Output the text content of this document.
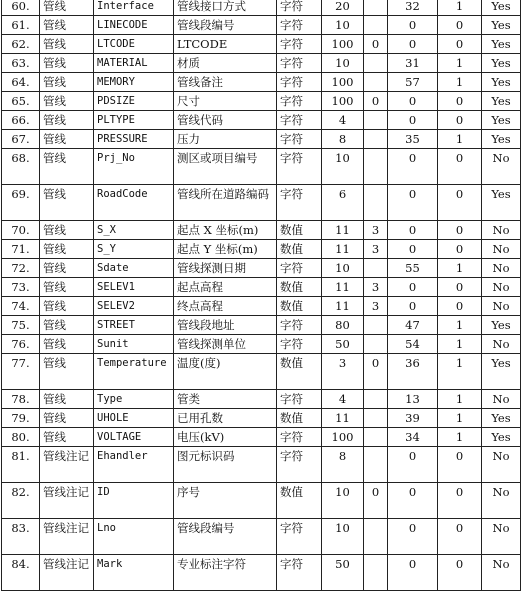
60.	管线	Interface	管线接口方式	字符	20		32	1	Yes
61.	管线	LINECODE	管线段编号	字符	10		0	0	Yes
62.	管线	LTCODE	LTCODE	字符	100	0	0	0	Yes
63.	管线	MATERIAL	材质	字符	10		31	1	Yes
64.	管线	MEMORY	管线备注	字符	100		57	1	Yes
65.	管线	PDSIZE	尺寸	字符	100	0	0	0	Yes
66.	管线	PLTYPE	管线代码	字符	4		0	0	Yes
67.	管线	PRESSURE	压力	字符	8		35	1	Yes
68.	管线	Prj_No	测区或项目编号	字符	10		0	0	No
69.	管线	RoadCode	管线所在道路编码	字符	6		0	0	Yes
70.	管线	S_X	起点 X 坐标(m)	数值	11	3	0	0	No
71.	管线	S_Y	起点 Y 坐标(m)	数值	11	3	0	0	No
72.	管线	Sdate	管线探测日期	字符	10		55	1	No
73.	管线	SELEV1	起点高程	数值	11	3	0	0	No
74.	管线	SELEV2	终点高程	数值	11	3	0	0	No
75.	管线	STREET	管线段地址	字符	80		47	1	Yes
76.	管线	Sunit	管线探测单位	字符	50		54	1	No
77.	管线	Temperature	温度(度)	数值	3	0	36	1	Yes
78.	管线	Type	管类	字符	4		13	1	No
79.	管线	UHOLE	已用孔数	数值	11		39	1	Yes
80.	管线	VOLTAGE	电压(kV)	字符	100		34	1	Yes
81.	管线注记	Ehandler	图元标识码	字符	8		0	0	No
82.	管线注记	ID	序号	数值	10	0	0	0	No
83.	管线注记	Lno	管线段编号	字符	10		0	0	No
84.	管线注记	Mark	专业标注字符	字符	50		0	0	No
